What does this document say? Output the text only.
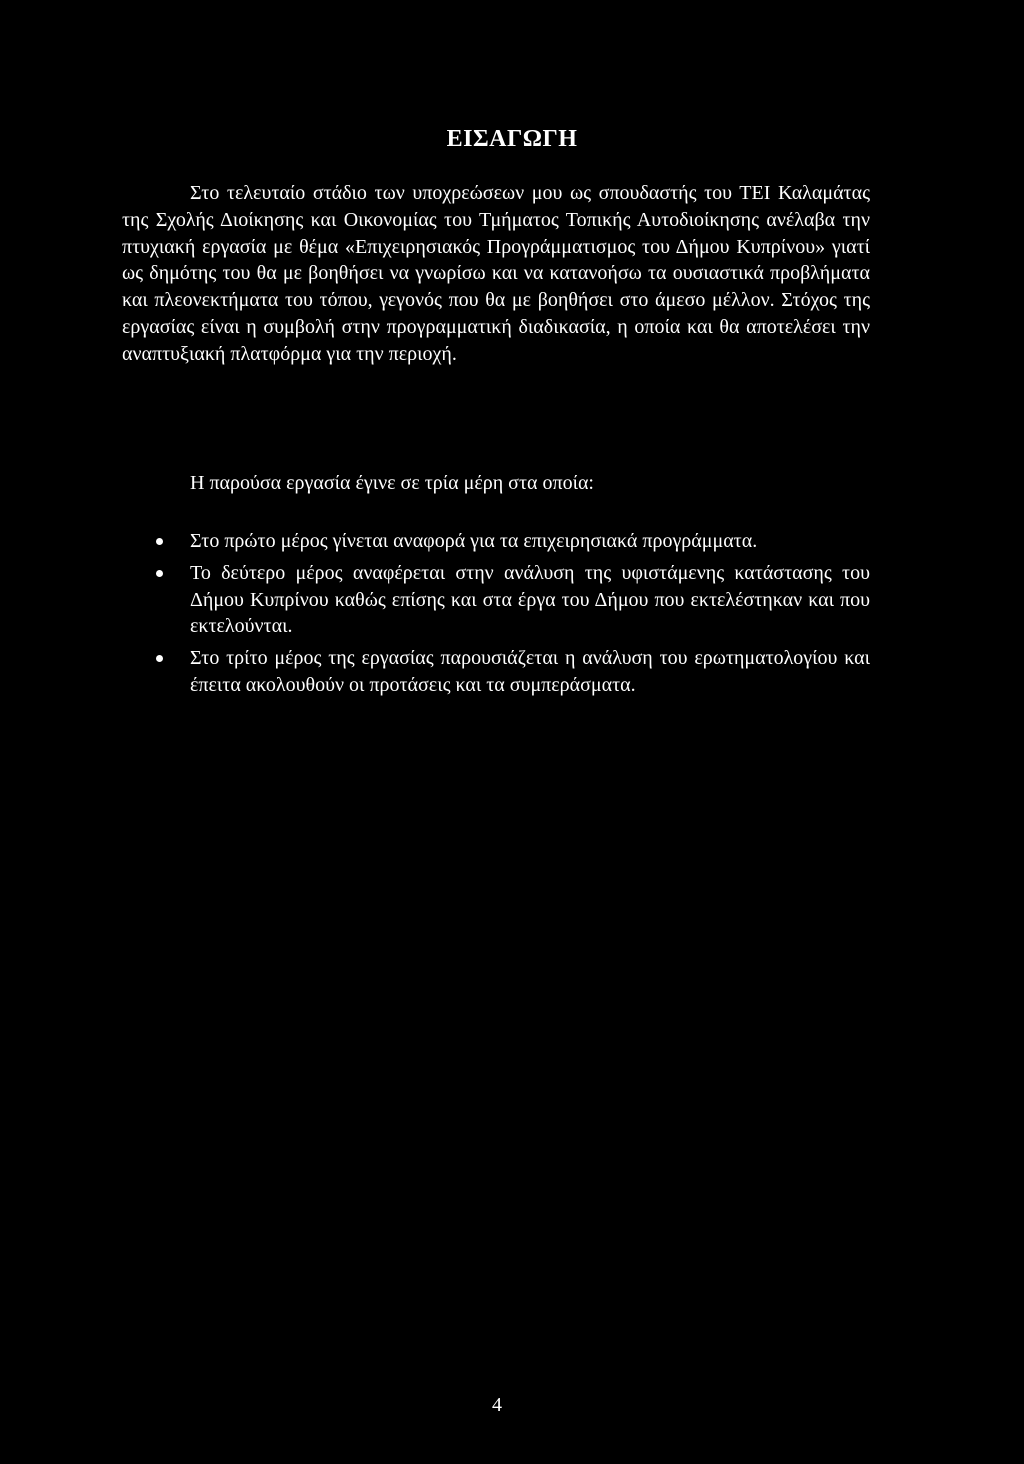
ΕΙΣΑΓΩΓΗ
Στο τελευταίο στάδιο των υποχρεώσεων μου ως σπουδαστής του ΤΕΙ Καλαμάτας της Σχολής Διοίκησης και Οικονομίας του Τμήματος Τοπικής Αυτοδιοίκησης ανέλαβα την πτυχιακή εργασία με θέμα «Επιχειρησιακός Προγράμματισμος του Δήμου Κυπρίνου» γιατί ως δημότης του θα με βοηθήσει να γνωρίσω και να κατανοήσω τα ουσιαστικά προβλήματα και πλεονεκτήματα του τόπου, γεγονός που θα με βοηθήσει στο άμεσο μέλλον. Στόχος της εργασίας είναι η συμβολή στην προγραμματική διαδικασία, η οποία και θα αποτελέσει την αναπτυξιακή πλατφόρμα για την περιοχή.
Η παρούσα εργασία έγινε σε τρία μέρη στα οποία:
Στο πρώτο μέρος γίνεται αναφορά για τα επιχειρησιακά προγράμματα.
Το δεύτερο μέρος αναφέρεται στην ανάλυση της υφιστάμενης κατάστασης του Δήμου Κυπρίνου καθώς επίσης και στα έργα του Δήμου που εκτελέστηκαν και που εκτελούνται.
Στο τρίτο μέρος της εργασίας παρουσιάζεται η ανάλυση του ερωτηματολογίου και έπειτα ακολουθούν οι προτάσεις και τα συμπεράσματα.
4
